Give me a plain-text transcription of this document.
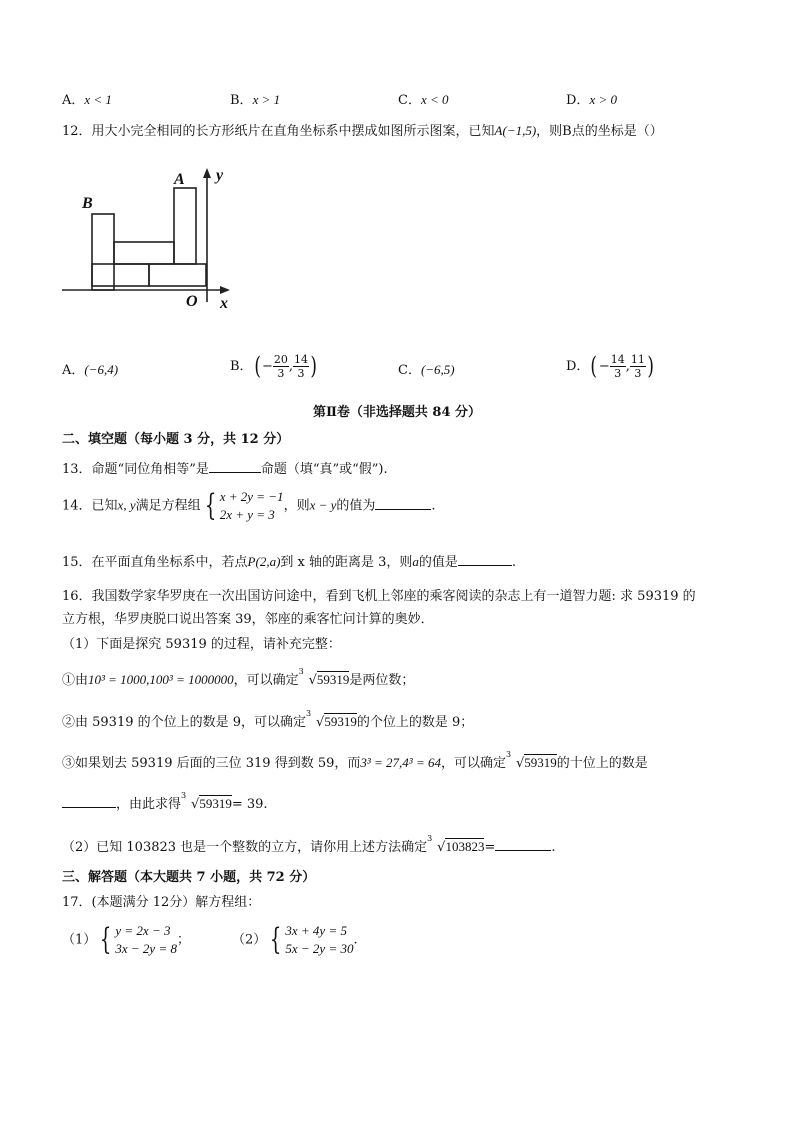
A．x < 1	B．x > 1	C．x < 0	D．x > 0
12．用大小完全相同的长方形纸片在直角坐标系中摆成如图所示图案，已知A(−1,5)，则B点的坐标是（）
B
A y
O x
A．(−6,4)	B．(− $\frac{20}{3}$ , $\frac{14}{3}$ )	C．(−6,5)	D．(− $\frac{14}{3}$ , $\frac{11}{3}$ )
第Ⅱ卷（非选择题共 84 分）
二、填空题（每小题 3 分，共 12 分）
13．命题“同位角相等”是	命题（填“真”或“假”).
14．已知x, y满足方程组 { x + 2y = −1
2x + y = 3
，则x − y的值为	.
15．在平面直角坐标系中，若点P(2,a)到 x 轴的距离是 3，则a的值是	.
16．我国数学家华罗庚在一次出国访问途中，看到飞机上邻座的乘客阅读的杂志上有一道智力题: 求 59319 的
立方根，华罗庚脱口说出答案 39，邻座的乘客忙问计算的奥妙．
（1）下面是探究 59319 的过程，请补充完整：
①由10³ = 1000,100³ = 1000000，可以确定
3
√59319是两位数；
②由 59319 的个位上的数是 9，可以确定
3
√59319的个位上的数是 9；
③如果划去 59319 后面的三位 319 得到数 59，而3³ = 27,4³ = 64，可以确定
3
√59319的十位上的数是
，由此求得
3
√59319= 39.
（2）已知 103823 也是一个整数的立方，请你用上述方法确定
3
√103823=	.
三、解答题（本大题共 7 小题，共 72 分）
17．(本题满分 12分）解方程组：
（1） { y = 2x − 3
3x − 2y = 8
；	（2） { 3x + 4y = 5
5x − 2y = 30
.
